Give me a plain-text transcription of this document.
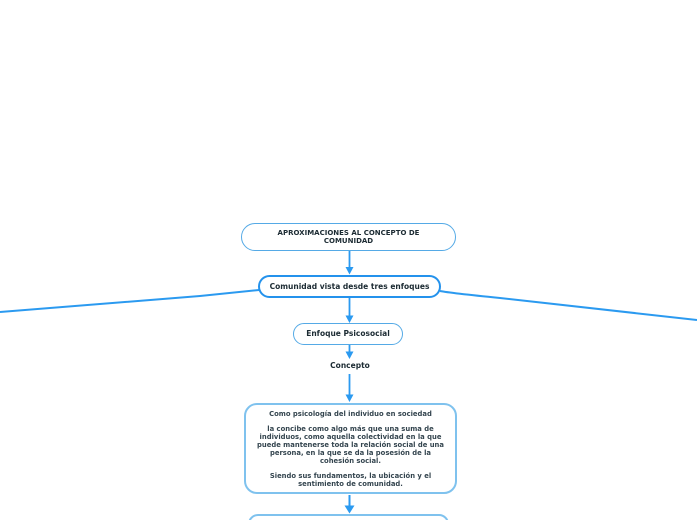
APROXIMACIONES AL CONCEPTO DE COMUNIDAD
Comunidad vista desde tres enfoques
Enfoque Psicosocial
Concepto

Como psicología del individuo en sociedad

la concibe como algo más que una suma de individuos, como aquella colectividad en la que puede mantenerse toda la relación social de una persona, en la que se da la posesión de la cohesión social.

Siendo sus fundamentos, la ubicación y el sentimiento de comunidad.
